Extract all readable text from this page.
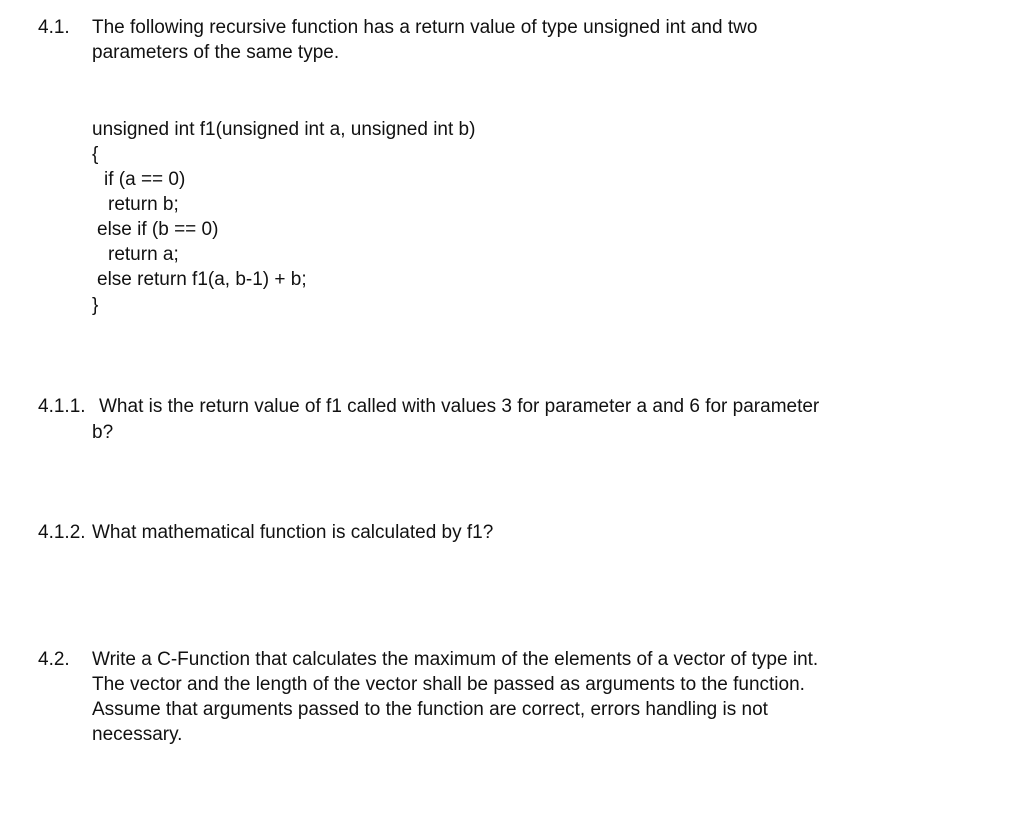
4.1. The following recursive function has a return value of type unsigned int and two
parameters of the same type.
unsigned int f1(unsigned int a, unsigned int b)
{
if (a == 0)
return b;
else if (b == 0)
return a;
else return f1(a, b-1) + b;
}
4.1.1. What is the return value of f1 called with values 3 for parameter a and 6 for parameter
b?
4.1.2. What mathematical function is calculated by f1?
4.2. Write a C-Function that calculates the maximum of the elements of a vector of type int.
The vector and the length of the vector shall be passed as arguments to the function.
Assume that arguments passed to the function are correct, errors handling is not
necessary.
